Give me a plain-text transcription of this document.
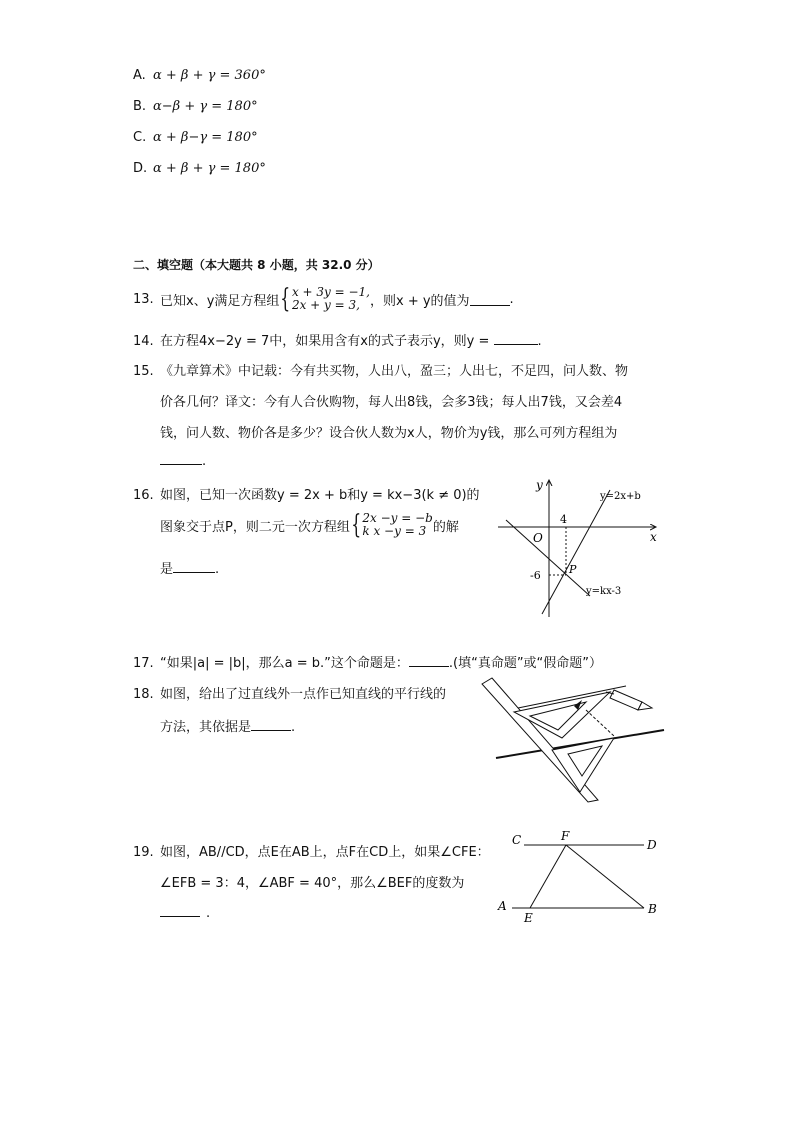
A. α + β + γ = 360°
B. α−β + γ = 180°
C. α + β−γ = 180°
D. α + β + γ = 180°
二、填空题（本大题共 8 小题，共 32.0 分）
13. 已知x、y满足方程组 { x + 3y = −1,
2x + y = 3, ，则x + y的值为	.
14. 在方程4x−2y = 7中，如果用含有x的式子表示y，则y =	.
15. 《九章算术》中记载：今有共买物，人出八，盈三；人出七，不足四，问人数、物
价各几何？译文：今有人合伙购物，每人出8钱，会多3钱；每人出7钱，又会差4
钱，问人数、物价各是多少？设合伙人数为x人，物价为y钱，那么可列方程组为
.
16. 如图，已知一次函数y = 2x + b和y = kx−3(k ≠ 0)的
图象交于点P，则二元一次方程组 { 2x −y = −b
k x −y = 3 的解
是	.
y
x
O
4
-6	P
y=2x+b
y=kx-3
17. “如果|a| = |b|，那么a = b.”这个命题是：	.(填“真命题”或“假命题”）
18. 如图，给出了过直线外一点作已知直线的平行线的
方法，其依据是	.
19. 如图，AB//CD，点E在AB上，点F在CD上，如果∠CFE：
∠EFB = 3：4，∠ABF = 40°，那么∠BEF的度数为
.
C	F
D
A
E
B
